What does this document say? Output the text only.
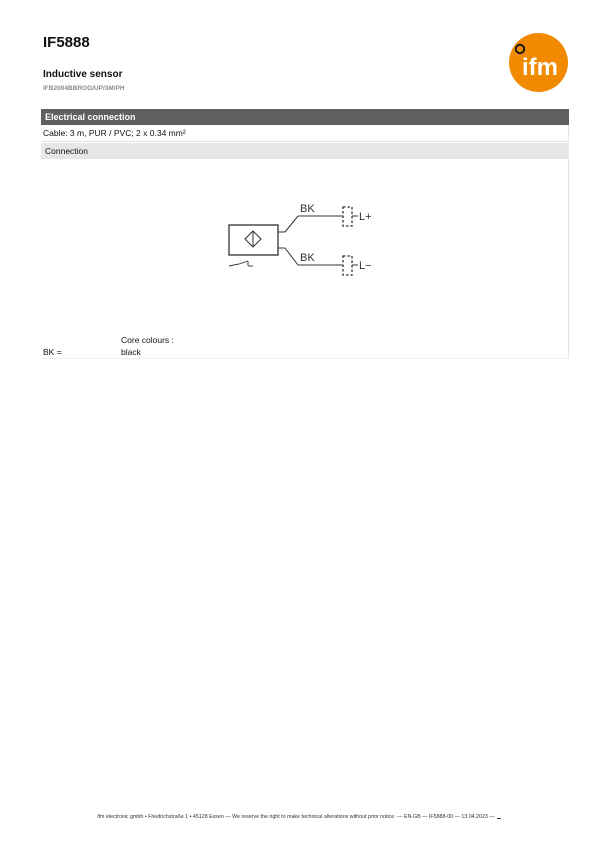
IF5888
Inductive sensor
IFB2004BBROG/UP/3M/PH
ifm
Electrical connection
Cable: 3 m, PUR / PVC; 2 x 0.34 mm²
Connection
BK
BK
L+
L−
Core colours :
BK =	black
ifm electronic gmbh • Friedrichstraße 1 • 45128 Essen — We reserve the right to make technical alterations without prior notice. — EN-GB — IF5888-00 — 13.04.2023 —
